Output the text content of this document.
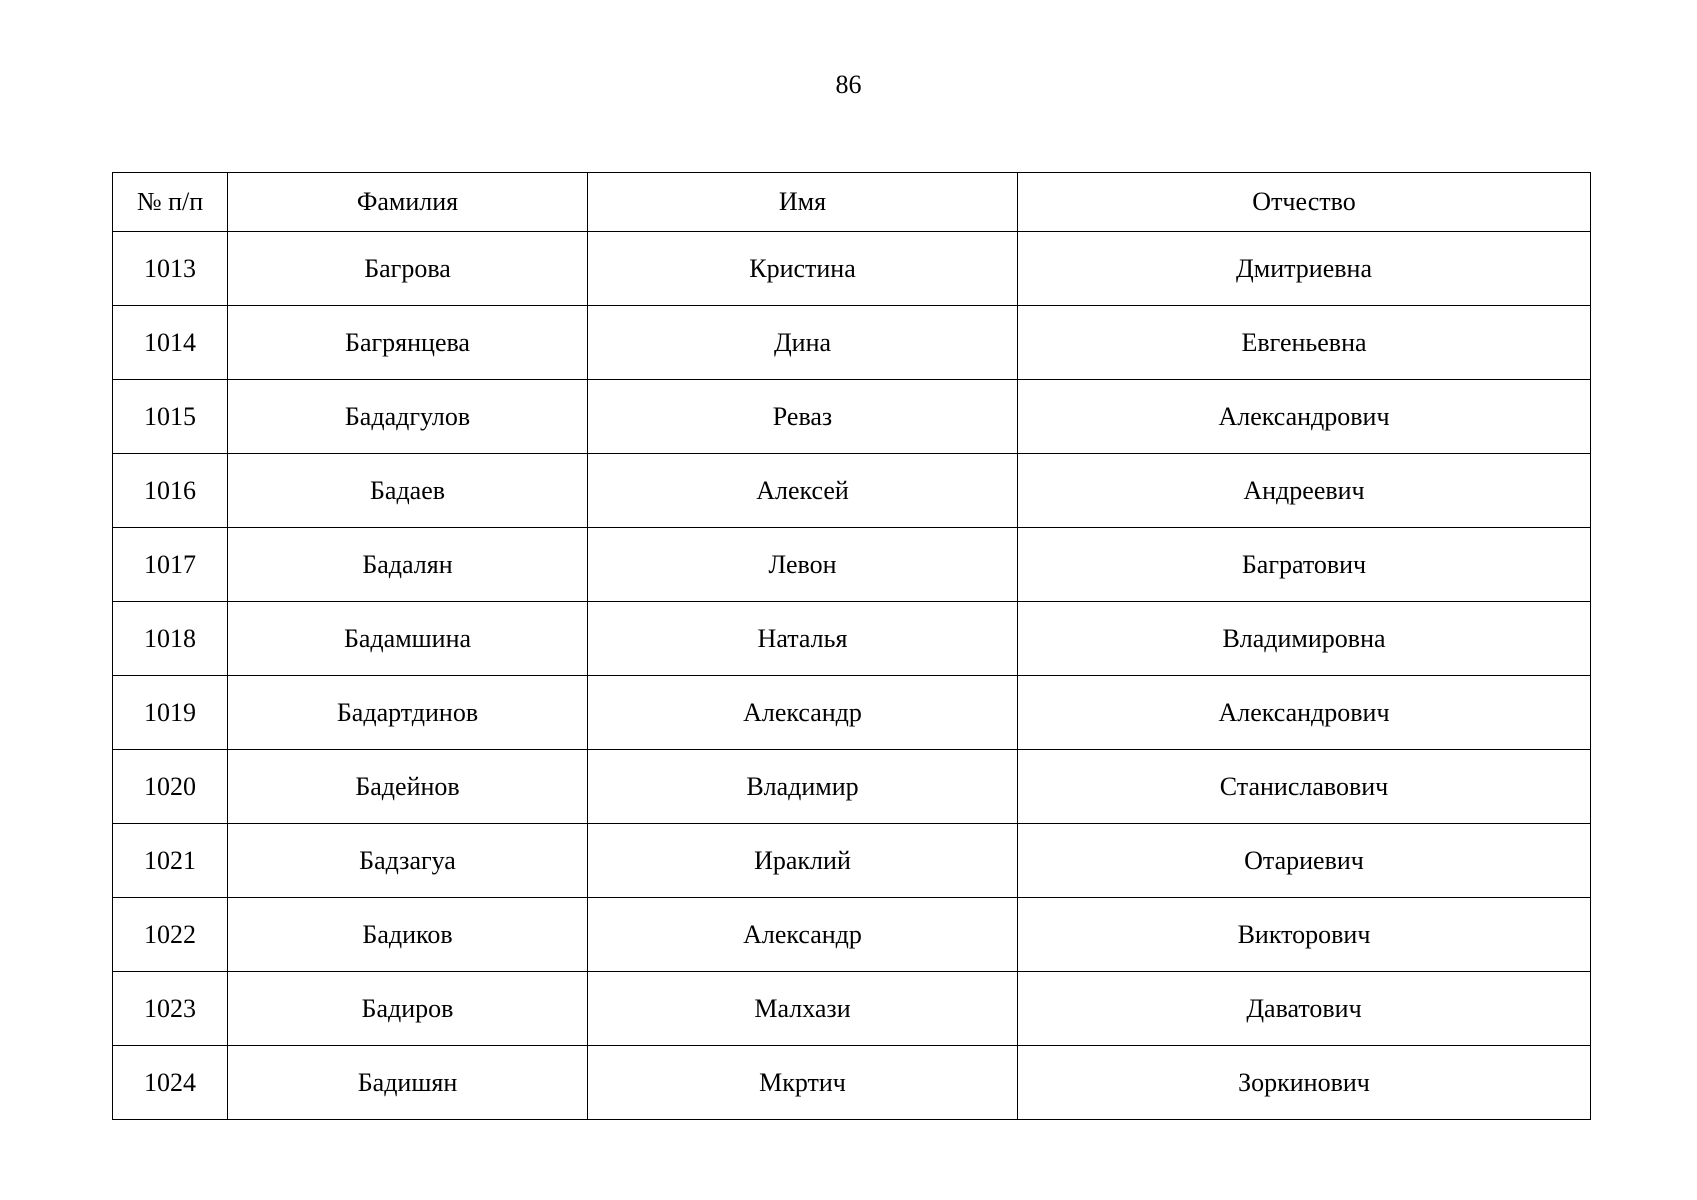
86
№ п/п	Фамилия	Имя	Отчество
1013	Багрова	Кристина	Дмитриевна
1014	Багрянцева	Дина	Евгеньевна
1015	Бададгулов	Реваз	Александрович
1016	Бадаев	Алексей	Андреевич
1017	Бадалян	Левон	Багратович
1018	Бадамшина	Наталья	Владимировна
1019	Бадартдинов	Александр	Александрович
1020	Бадейнов	Владимир	Станиславович
1021	Бадзагуа	Ираклий	Отариевич
1022	Бадиков	Александр	Викторович
1023	Бадиров	Малхази	Даватович
1024	Бадишян	Мкртич	Зоркинович
